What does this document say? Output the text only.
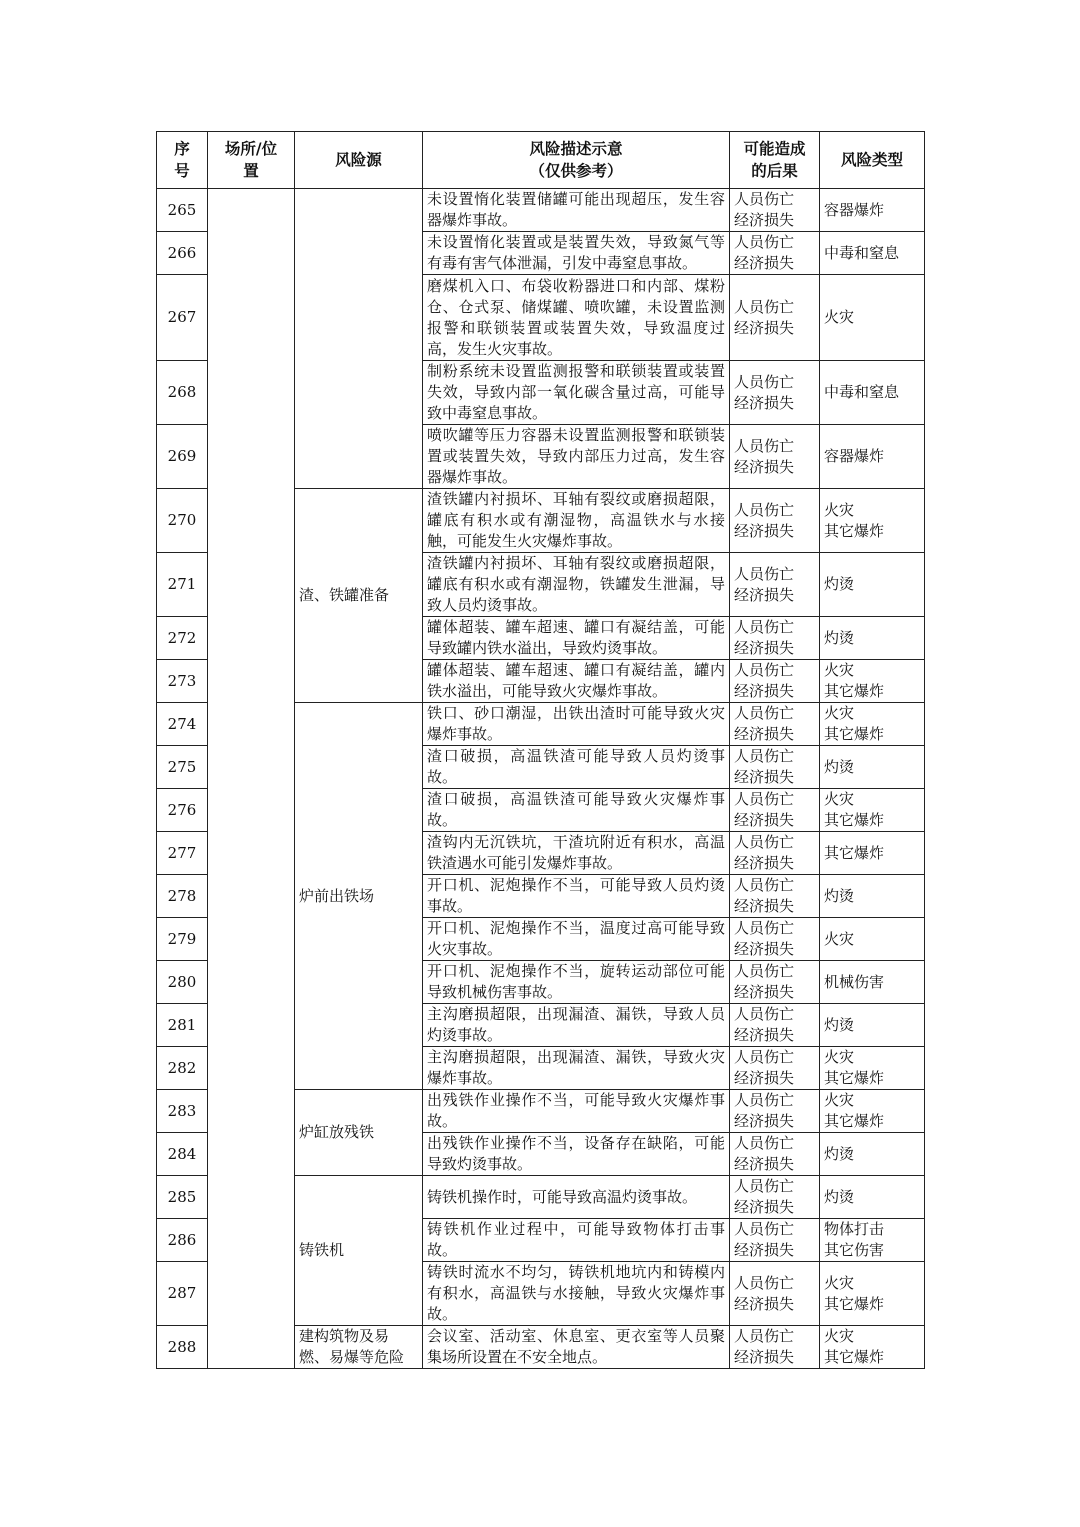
序
号	场所/位
置	风险源	风险描述示意
（仅供参考）	可能造成
的后果	风险类型
265			未设置惰化装置储罐可能出现超压，发生容器爆炸事故。	人员伤亡
经济损失	容器爆炸
266			未设置惰化装置或是装置失效，导致氮气等有毒有害气体泄漏，引发中毒窒息事故。	人员伤亡
经济损失	中毒和窒息
267			磨煤机入口、布袋收粉器进口和内部、煤粉仓、仓式泵、储煤罐、喷吹罐，未设置监测报警和联锁装置或装置失效，导致温度过高，发生火灾事故。	人员伤亡
经济损失	火灾
268			制粉系统未设置监测报警和联锁装置或装置失效，导致内部一氧化碳含量过高，可能导致中毒窒息事故。	人员伤亡
经济损失	中毒和窒息
269			喷吹罐等压力容器未设置监测报警和联锁装置或装置失效，导致内部压力过高，发生容器爆炸事故。	人员伤亡
经济损失	容器爆炸
270		渣、铁罐准备	渣铁罐内衬损坏、耳轴有裂纹或磨损超限，罐底有积水或有潮湿物，高温铁水与水接触，可能发生火灾爆炸事故。	人员伤亡
经济损失	火灾
其它爆炸
271			渣铁罐内衬损坏、耳轴有裂纹或磨损超限，罐底有积水或有潮湿物，铁罐发生泄漏，导致人员灼烫事故。	人员伤亡
经济损失	灼烫
272			罐体超装、罐车超速、罐口有凝结盖，可能导致罐内铁水溢出，导致灼烫事故。	人员伤亡
经济损失	灼烫
273			罐体超装、罐车超速、罐口有凝结盖，罐内铁水溢出，可能导致火灾爆炸事故。	人员伤亡
经济损失	火灾
其它爆炸
274		炉前出铁场	铁口、砂口潮湿，出铁出渣时可能导致火灾爆炸事故。	人员伤亡
经济损失	火灾
其它爆炸
275			渣口破损，高温铁渣可能导致人员灼烫事故。	人员伤亡
经济损失	灼烫
276			渣口破损，高温铁渣可能导致火灾爆炸事故。	人员伤亡
经济损失	火灾
其它爆炸
277			渣钩内无沉铁坑，干渣坑附近有积水，高温铁渣遇水可能引发爆炸事故。	人员伤亡
经济损失	其它爆炸
278			开口机、泥炮操作不当，可能导致人员灼烫事故。	人员伤亡
经济损失	灼烫
279			开口机、泥炮操作不当，温度过高可能导致火灾事故。	人员伤亡
经济损失	火灾
280			开口机、泥炮操作不当，旋转运动部位可能导致机械伤害事故。	人员伤亡
经济损失	机械伤害
281			主沟磨损超限，出现漏渣、漏铁，导致人员灼烫事故。	人员伤亡
经济损失	灼烫
282			主沟磨损超限，出现漏渣、漏铁，导致火灾爆炸事故。	人员伤亡
经济损失	火灾
其它爆炸
283		炉缸放残铁	出残铁作业操作不当，可能导致火灾爆炸事故。	人员伤亡
经济损失	火灾
其它爆炸
284			出残铁作业操作不当，设备存在缺陷，可能导致灼烫事故。	人员伤亡
经济损失	灼烫
285		铸铁机	铸铁机操作时，可能导致高温灼烫事故。	人员伤亡
经济损失	灼烫
286			铸铁机作业过程中，可能导致物体打击事故。	人员伤亡
经济损失	物体打击
其它伤害
287			铸铁时流水不均匀，铸铁机地坑内和铸模内有积水，高温铁与水接触，导致火灾爆炸事故。	人员伤亡
经济损失	火灾
其它爆炸
288		建构筑物及易燃、易爆等危险	会议室、活动室、休息室、更衣室等人员聚集场所设置在不安全地点。	人员伤亡
经济损失	火灾
其它爆炸
